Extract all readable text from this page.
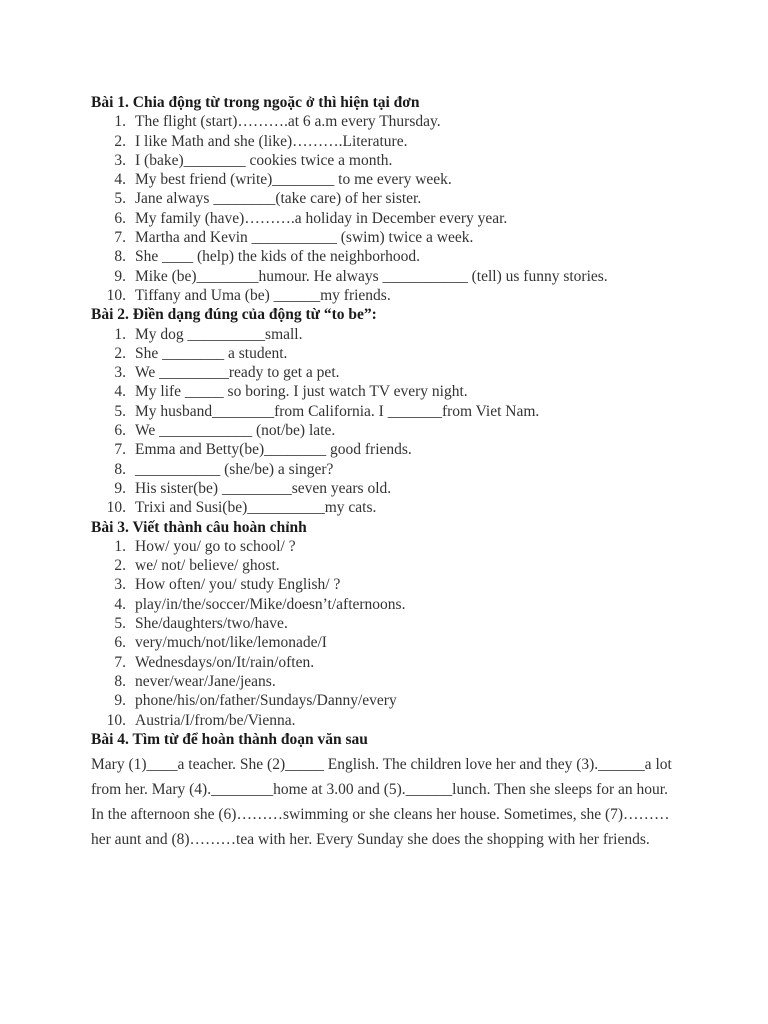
Bài 1. Chia động từ trong ngoặc ở thì hiện tại đơn

1. The flight (start)……….at 6 a.m every Thursday.
2. I like Math and she (like)……….Literature.
3. I (bake)________ cookies twice a month.
4. My best friend (write)________ to me every week.
5. Jane always ________(take care) of her sister.
6. My family (have)……….a holiday in December every year.
7. Martha and Kevin ___________ (swim) twice a week.
8. She ____ (help) the kids of the neighborhood.
9. Mike (be)________humour. He always ___________ (tell) us funny stories.
10. Tiffany and Uma (be) ______my friends.

Bài 2. Điền dạng đúng của động từ “to be”:

1. My dog __________small.
2. She ________ a student.
3. We _________ready to get a pet.
4. My life _____ so boring. I just watch TV every night.
5. My husband________from California. I _______from Viet Nam.
6. We ____________ (not/be) late.
7. Emma and Betty(be)________ good friends.
8. ___________ (she/be) a singer?
9. His sister(be) _________seven years old.
10. Trixi and Susi(be)__________my cats.

Bài 3. Viết thành câu hoàn chỉnh

1. How/ you/ go to school/ ?
2. we/ not/ believe/ ghost.
3. How often/ you/ study English/ ?
4. play/in/the/soccer/Mike/doesn’t/afternoons.
5. She/daughters/two/have.
6. very/much/not/like/lemonade/I
7. Wednesdays/on/It/rain/often.
8. never/wear/Jane/jeans.
9. phone/his/on/father/Sundays/Danny/every
10. Austria/I/from/be/Vienna.

Bài 4. Tìm từ để hoàn thành đoạn văn sau

Mary (1)____a teacher. She (2)_____ English. The children love her and they (3).______a lot from her. Mary (4).________home at 3.00 and (5).______lunch. Then she sleeps for an hour. In the afternoon she (6)………swimming or she cleans her house. Sometimes, she (7)………her aunt and (8)………tea with her. Every Sunday she does the shopping with her friends.
